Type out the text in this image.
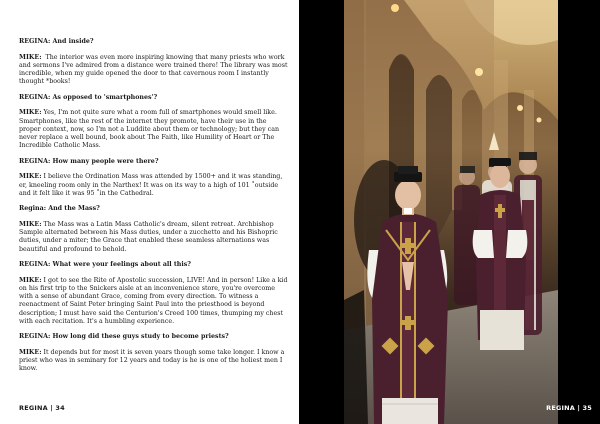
REGINA: And inside?

MIKE:  The interior was even more inspiring knowing that many priests who work and sermons I've admired from a distance were trained there! The library was most incredible, when my guide opened the door to that cavernous room I instantly thought *books!

REGINA: As opposed to 'smartphones'?

MIKE: Yes, I'm not quite sure what a room full of smartphones would smell like. Smartphones, like the rest of the internet they promote, have their use in the proper context, now, so I'm not a Luddite about them or technology; but they can never replace a well bound, book about The Faith, like Humility of Heart or The Incredible Catholic Mass.

REGINA: How many people were there?

MIKE: I believe the Ordination Mass was attended by 1500+ and it was standing, er, kneeling room only in the Narthex! It was on its way to a high of 101 ˚outside and it felt like it was 95 ˚in the Cathedral.

Regina: And the Mass?

MIKE: The Mass was a Latin Mass Catholic's dream, silent retreat. Archbishop Sample alternated between his Mass duties, under a zucchetto and his Bishopric duties, under a miter; the Grace that enabled these seamless alternations was beautiful and profound to behold.

REGINA: What were your feelings about all this?

MIKE: I got to see the Rite of Apostolic succession, LIVE! And in person! Like a kid on his first trip to the Snickers aisle at an inconvenience store, you're overcome with a sense of abundant Grace, coming from every direction. To witness a reenactment of Saint Peter bringing Saint Paul into the priesthood is beyond description; I must have said the Centurion's Creed 100 times, thumping my chest with each recitation. It's a humbling experience.

REGINA: How long did these guys study to become priests?

MIKE: It depends but for most it is seven years though some take longer. I know a priest who was in seminary for 12 years and today is he is one of the holiest men I know.

REGINA | 34	REGINA | 35
